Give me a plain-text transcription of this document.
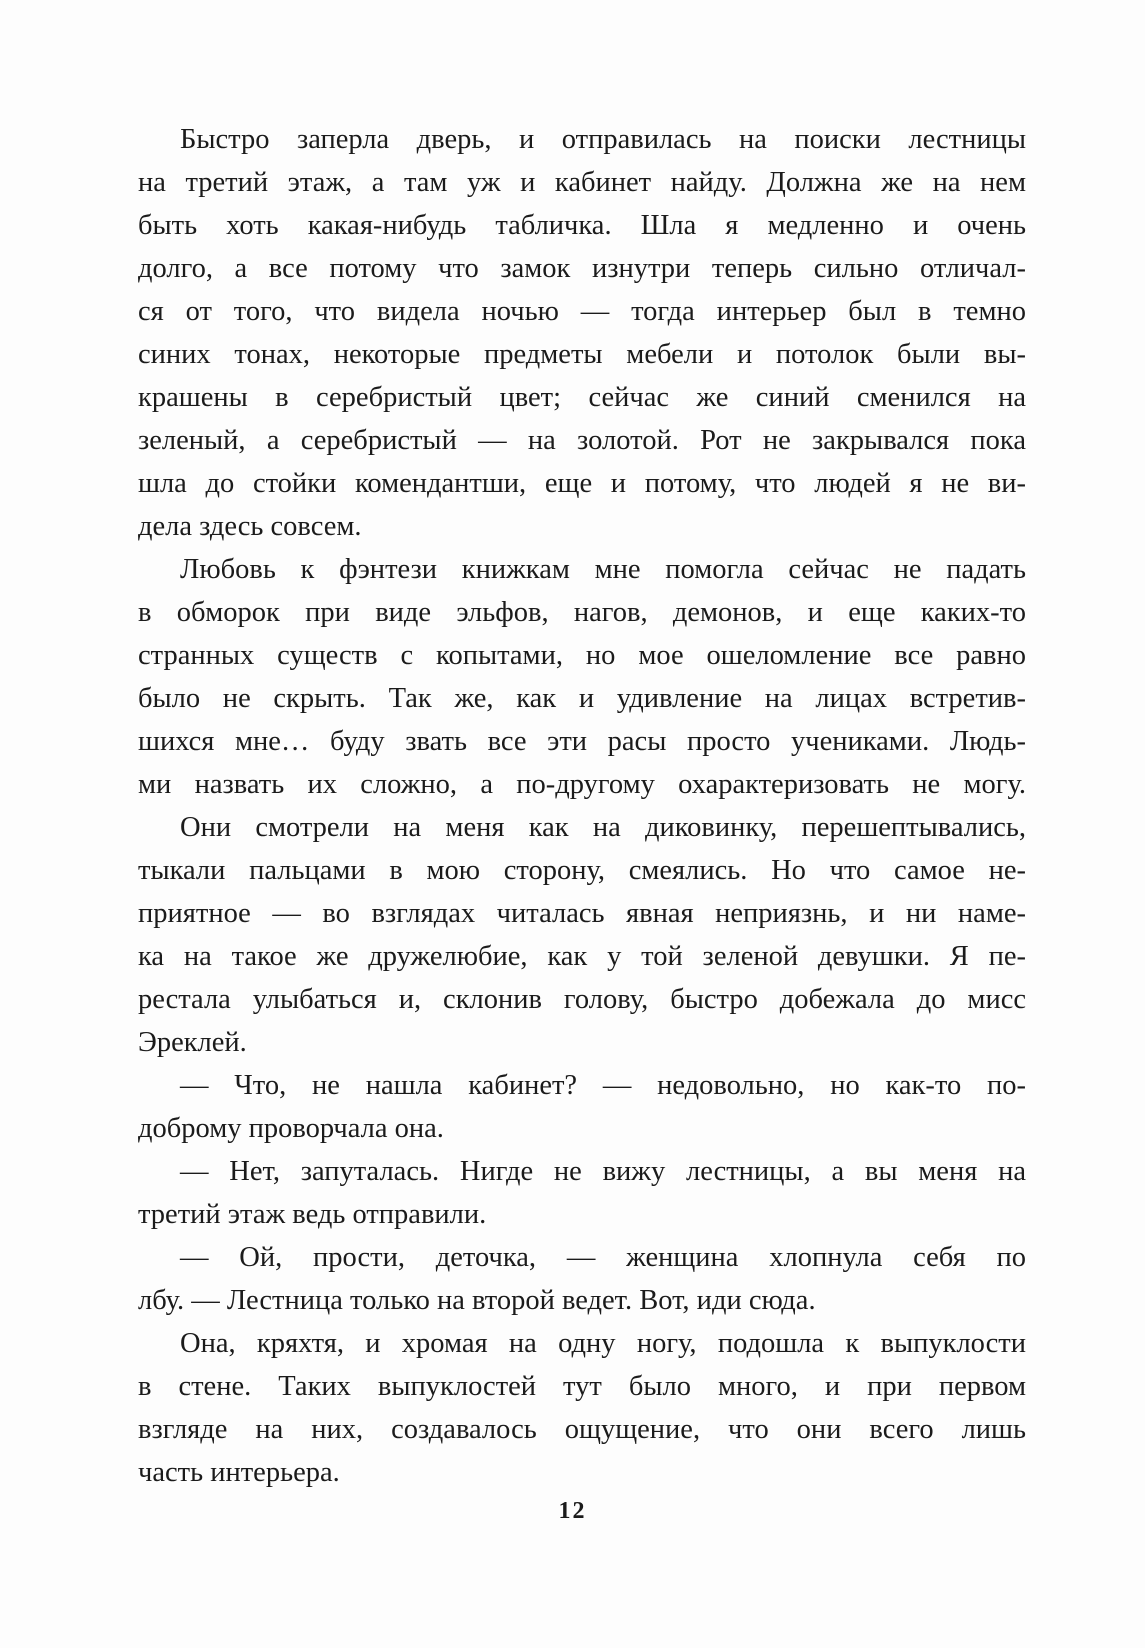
Быстро заперла дверь, и отправилась на поиски лестницы
на третий этаж, а там уж и кабинет найду. Должна же на нем
быть хоть какая-нибудь табличка. Шла я медленно и очень
долго, а все потому что замок изнутри теперь сильно отличал-
ся от того, что видела ночью — тогда интерьер был в темно
синих тонах, некоторые предметы мебели и потолок были вы-
крашены в серебристый цвет; сейчас же синий сменился на
зеленый, а серебристый — на золотой. Рот не закрывался пока
шла до стойки комендантши, еще и потому, что людей я не ви-
дела здесь совсем.
Любовь к фэнтези книжкам мне помогла сейчас не падать
в обморок при виде эльфов, нагов, демонов, и еще каких-то
странных существ с копытами, но мое ошеломление все равно
было не скрыть. Так же, как и удивление на лицах встретив-
шихся мне… буду звать все эти расы просто учениками. Людь-
ми назвать их сложно, а по-другому охарактеризовать не могу.
Они смотрели на меня как на диковинку, перешептывались,
тыкали пальцами в мою сторону, смеялись. Но что самое не-
приятное — во взглядах читалась явная неприязнь, и ни наме-
ка на такое же дружелюбие, как у той зеленой девушки. Я пе-
рестала улыбаться и, склонив голову, быстро добежала до мисс
Эреклей.
— Что, не нашла кабинет? — недовольно, но как-то по-
доброму проворчала она.
— Нет, запуталась. Нигде не вижу лестницы, а вы меня на
третий этаж ведь отправили.
— Ой, прости, деточка, — женщина хлопнула себя по
лбу. — Лестница только на второй ведет. Вот, иди сюда.
Она, кряхтя, и хромая на одну ногу, подошла к выпуклости
в стене. Таких выпуклостей тут было много, и при первом
взгляде на них, создавалось ощущение, что они всего лишь
часть интерьера.
12
